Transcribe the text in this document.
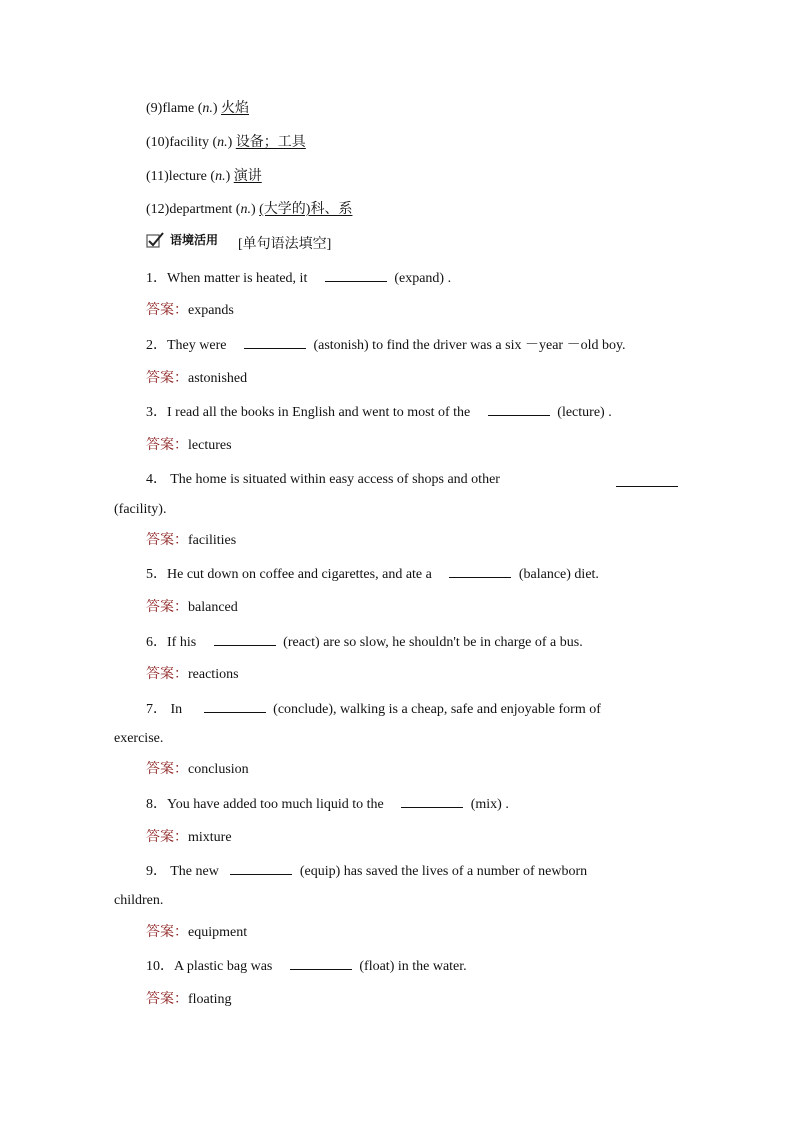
(9)flame (n.) 火焰
(10)facility (n.) 设备；工具
(11)lecture (n.) 演讲
(12)department (n.) (大学的)科、系
语境活用 [单句语法填空]
1．When matter is heated, it	(expand) .
答案：expands
2．They were	(astonish) to find the driver was a six －year －old boy.
答案：astonished
3．I read all the books in English and went to most of the	(lecture) .
答案：lectures
4． The home is situated within easy access of shops and other
(facility).
答案：facilities
5．He cut down on coffee and cigarettes, and ate a	(balance) diet.
答案：balanced
6．If his	(react) are so slow, he shouldn't be in charge of a bus.
答案：reactions
7． In	(conclude), walking is a cheap, safe and enjoyable form of
exercise.
答案：conclusion
8．You have added too much liquid to the	(mix) .
答案：mixture
9． The new	(equip) has saved the lives of a number of newborn
children.
答案：equipment
10．A plastic bag was	(float) in the water.
答案：floating
